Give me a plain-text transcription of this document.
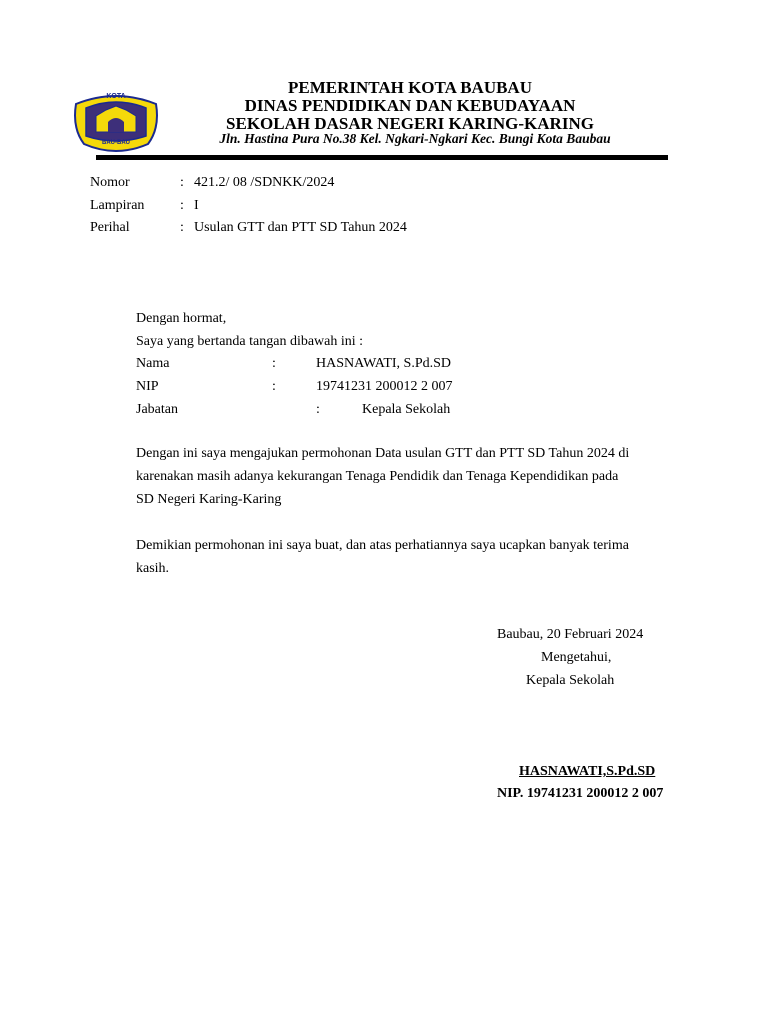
KOTA
BAU-BAU
PEMERINTAH KOTA BAUBAU
DINAS PENDIDIKAN DAN KEBUDAYAAN
SEKOLAH DASAR NEGERI KARING-KARING
Jln. Hastina Pura No.38 Kel. Ngkari-Ngkari Kec. Bungi Kota Baubau
Nomor	: 421.2/ 08 /SDNKK/2024
Lampiran	: I
Perihal	: Usulan GTT dan PTT SD Tahun 2024
Dengan hormat,
Saya yang bertanda tangan dibawah ini :
Nama	:	HASNAWATI, S.Pd.SD
NIP	:	19741231 200012 2 007
Jabatan	:	Kepala Sekolah
Dengan ini saya mengajukan permohonan Data usulan GTT dan PTT SD Tahun 2024 di
karenakan masih adanya kekurangan Tenaga Pendidik dan Tenaga Kependidikan pada
SD Negeri Karing-Karing
Demikian permohonan ini saya buat, dan atas perhatiannya saya ucapkan banyak terima
kasih.
Baubau, 20 Februari 2024
Mengetahui,
Kepala Sekolah
HASNAWATI,S.Pd.SD
NIP. 19741231 200012 2 007
